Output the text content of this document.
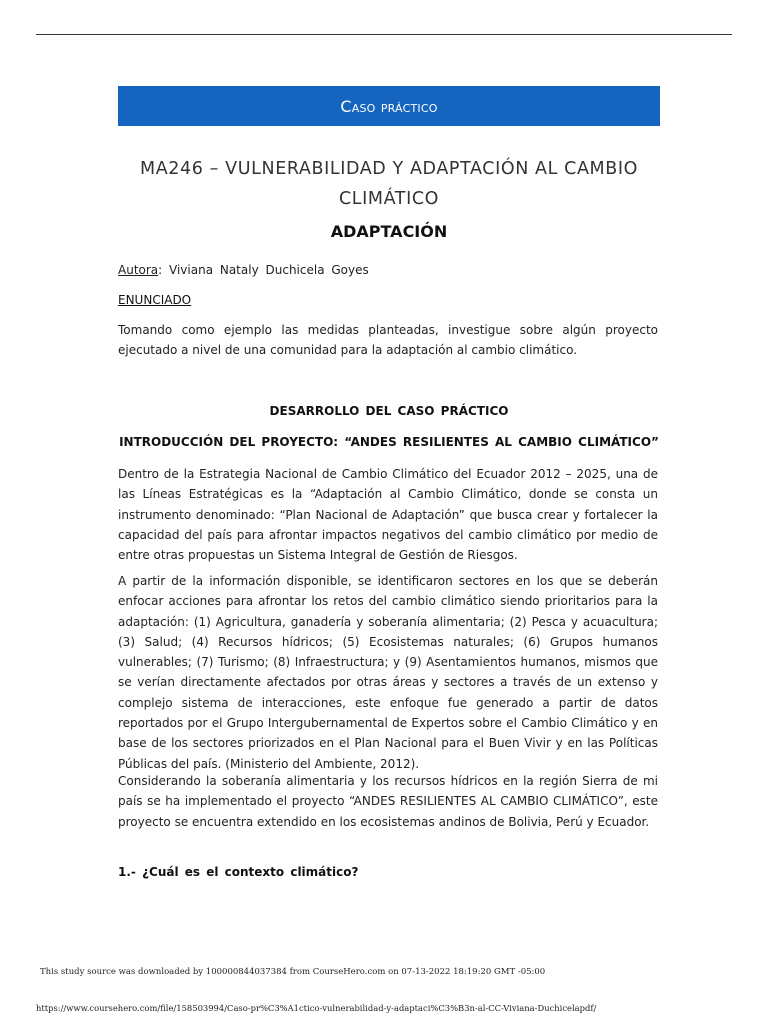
Caso práctico
MA246 – VULNERABILIDAD Y ADAPTACIÓN AL CAMBIO
CLIMÁTICO
ADAPTACIÓN
Autora: Viviana Nataly Duchicela Goyes
ENUNCIADO

Tomando como ejemplo las medidas planteadas, investigue sobre algún proyecto ejecutado a nivel de una comunidad para la adaptación al cambio climático.

DESARROLLO DEL CASO PRÁCTICO
INTRODUCCIÓN DEL PROYECTO: “ANDES RESILIENTES AL CAMBIO CLIMÁTICO”

Dentro de la Estrategia Nacional de Cambio Climático del Ecuador 2012 – 2025, una de las Líneas Estratégicas es la “Adaptación al Cambio Climático, donde se consta un instrumento denominado: “Plan Nacional de Adaptación” que busca crear y fortalecer la capacidad del país para afrontar impactos negativos del cambio climático por medio de entre otras propuestas un Sistema Integral de Gestión de Riesgos.

A partir de la información disponible, se identificaron sectores en los que se deberán enfocar acciones para afrontar los retos del cambio climático siendo prioritarios para la adaptación: (1) Agricultura, ganadería y soberanía alimentaria; (2) Pesca y acuacultura; (3) Salud; (4) Recursos hídricos; (5) Ecosistemas naturales; (6) Grupos humanos vulnerables; (7) Turismo; (8) Infraestructura; y (9) Asentamientos humanos, mismos que se verían directamente afectados por otras áreas y sectores a través de un extenso y complejo sistema de interacciones, este enfoque fue generado a partir de datos reportados por el Grupo Intergubernamental de Expertos sobre el Cambio Climático y en base de los sectores priorizados en el Plan Nacional para el Buen Vivir y en las Políticas Públicas del país. (Ministerio del Ambiente, 2012).

Considerando la soberanía alimentaria y los recursos hídricos en la región Sierra de mi país se ha implementado el proyecto “ANDES RESILIENTES AL CAMBIO CLIMÁTICO”, este proyecto se encuentra extendido en los ecosistemas andinos de Bolivia, Perú y Ecuador.

1.- ¿Cuál es el contexto climático?
This study source was downloaded by 100000844037384 from CourseHero.com on 07-13-2022 18:19:20 GMT -05:00
https://www.coursehero.com/file/158503994/Caso-pr%C3%A1ctico-vulnerabilidad-y-adaptaci%C3%B3n-al-CC-Viviana-Duchicelapdf/
